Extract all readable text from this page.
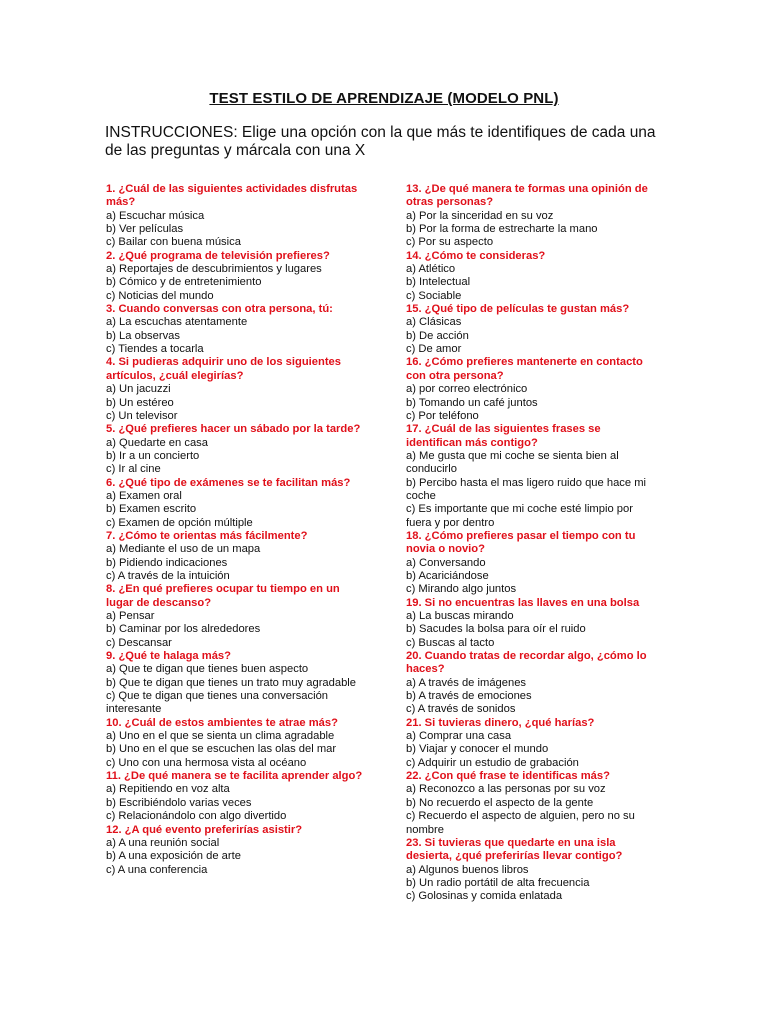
TEST ESTILO DE APRENDIZAJE (MODELO PNL)
INSTRUCCIONES: Elige una opción con la que más te identifiques de cada una de las preguntas y márcala con una X
1. ¿Cuál de las siguientes actividades disfrutas más?
a) Escuchar música
b) Ver películas
c) Bailar con buena música
2. ¿Qué programa de televisión prefieres?
a) Reportajes de descubrimientos y lugares
b) Cómico y de entretenimiento
c) Noticias del mundo
3. Cuando conversas con otra persona, tú:
a) La escuchas atentamente
b) La observas
c) Tiendes a tocarla
4. Si pudieras adquirir uno de los siguientes artículos, ¿cuál elegirías?
a) Un jacuzzi
b) Un estéreo
c) Un televisor
5. ¿Qué prefieres hacer un sábado por la tarde?
a) Quedarte en casa
b) Ir a un concierto
c) Ir al cine
6. ¿Qué tipo de exámenes se te facilitan más?
a) Examen oral
b) Examen escrito
c) Examen de opción múltiple
7. ¿Cómo te orientas más fácilmente?
a) Mediante el uso de un mapa
b) Pidiendo indicaciones
c) A través de la intuición
8. ¿En qué prefieres ocupar tu tiempo en un lugar de descanso?
a) Pensar
b) Caminar por los alrededores
c) Descansar
9. ¿Qué te halaga más?
a) Que te digan que tienes buen aspecto
b) Que te digan que tienes un trato muy agradable
c) Que te digan que tienes una conversación interesante
10. ¿Cuál de estos ambientes te atrae más?
a) Uno en el que se sienta un clima agradable
b) Uno en el que se escuchen las olas del mar
c) Uno con una hermosa vista al océano
11. ¿De qué manera se te facilita aprender algo?
a) Repitiendo en voz alta
b) Escribiéndolo varias veces
c) Relacionándolo con algo divertido
12. ¿A qué evento preferirías asistir?
a) A una reunión social
b) A una exposición de arte
c) A una conferencia
13. ¿De qué manera te formas una opinión de otras personas?
a) Por la sinceridad en su voz
b) Por la forma de estrecharte la mano
c) Por su aspecto
14. ¿Cómo te consideras?
a) Atlético
b) Intelectual
c) Sociable
15. ¿Qué tipo de películas te gustan más?
a) Clásicas
b) De acción
c) De amor
16. ¿Cómo prefieres mantenerte en contacto con otra persona?
a) por correo electrónico
b) Tomando un café juntos
c) Por teléfono
17. ¿Cuál de las siguientes frases se identifican más contigo?
a) Me gusta que mi coche se sienta bien al conducirlo
b) Percibo hasta el mas ligero ruido que hace mi coche
c) Es importante que mi coche esté limpio por fuera y por dentro
18. ¿Cómo prefieres pasar el tiempo con tu novia o novio?
a) Conversando
b) Acariciándose
c) Mirando algo juntos
19. Si no encuentras las llaves en una bolsa
a) La buscas mirando
b) Sacudes la bolsa para oír el ruido
c) Buscas al tacto
20. Cuando tratas de recordar algo, ¿cómo lo haces?
a) A través de imágenes
b) A través de emociones
c) A través de sonidos
21. Si tuvieras dinero, ¿qué harías?
a) Comprar una casa
b) Viajar y conocer el mundo
c) Adquirir un estudio de grabación
22. ¿Con qué frase te identificas más?
a) Reconozco a las personas por su voz
b) No recuerdo el aspecto de la gente
c) Recuerdo el aspecto de alguien, pero no su nombre
23. Si tuvieras que quedarte en una isla desierta, ¿qué preferirías llevar contigo?
a) Algunos buenos libros
b) Un radio portátil de alta frecuencia
c) Golosinas y comida enlatada
